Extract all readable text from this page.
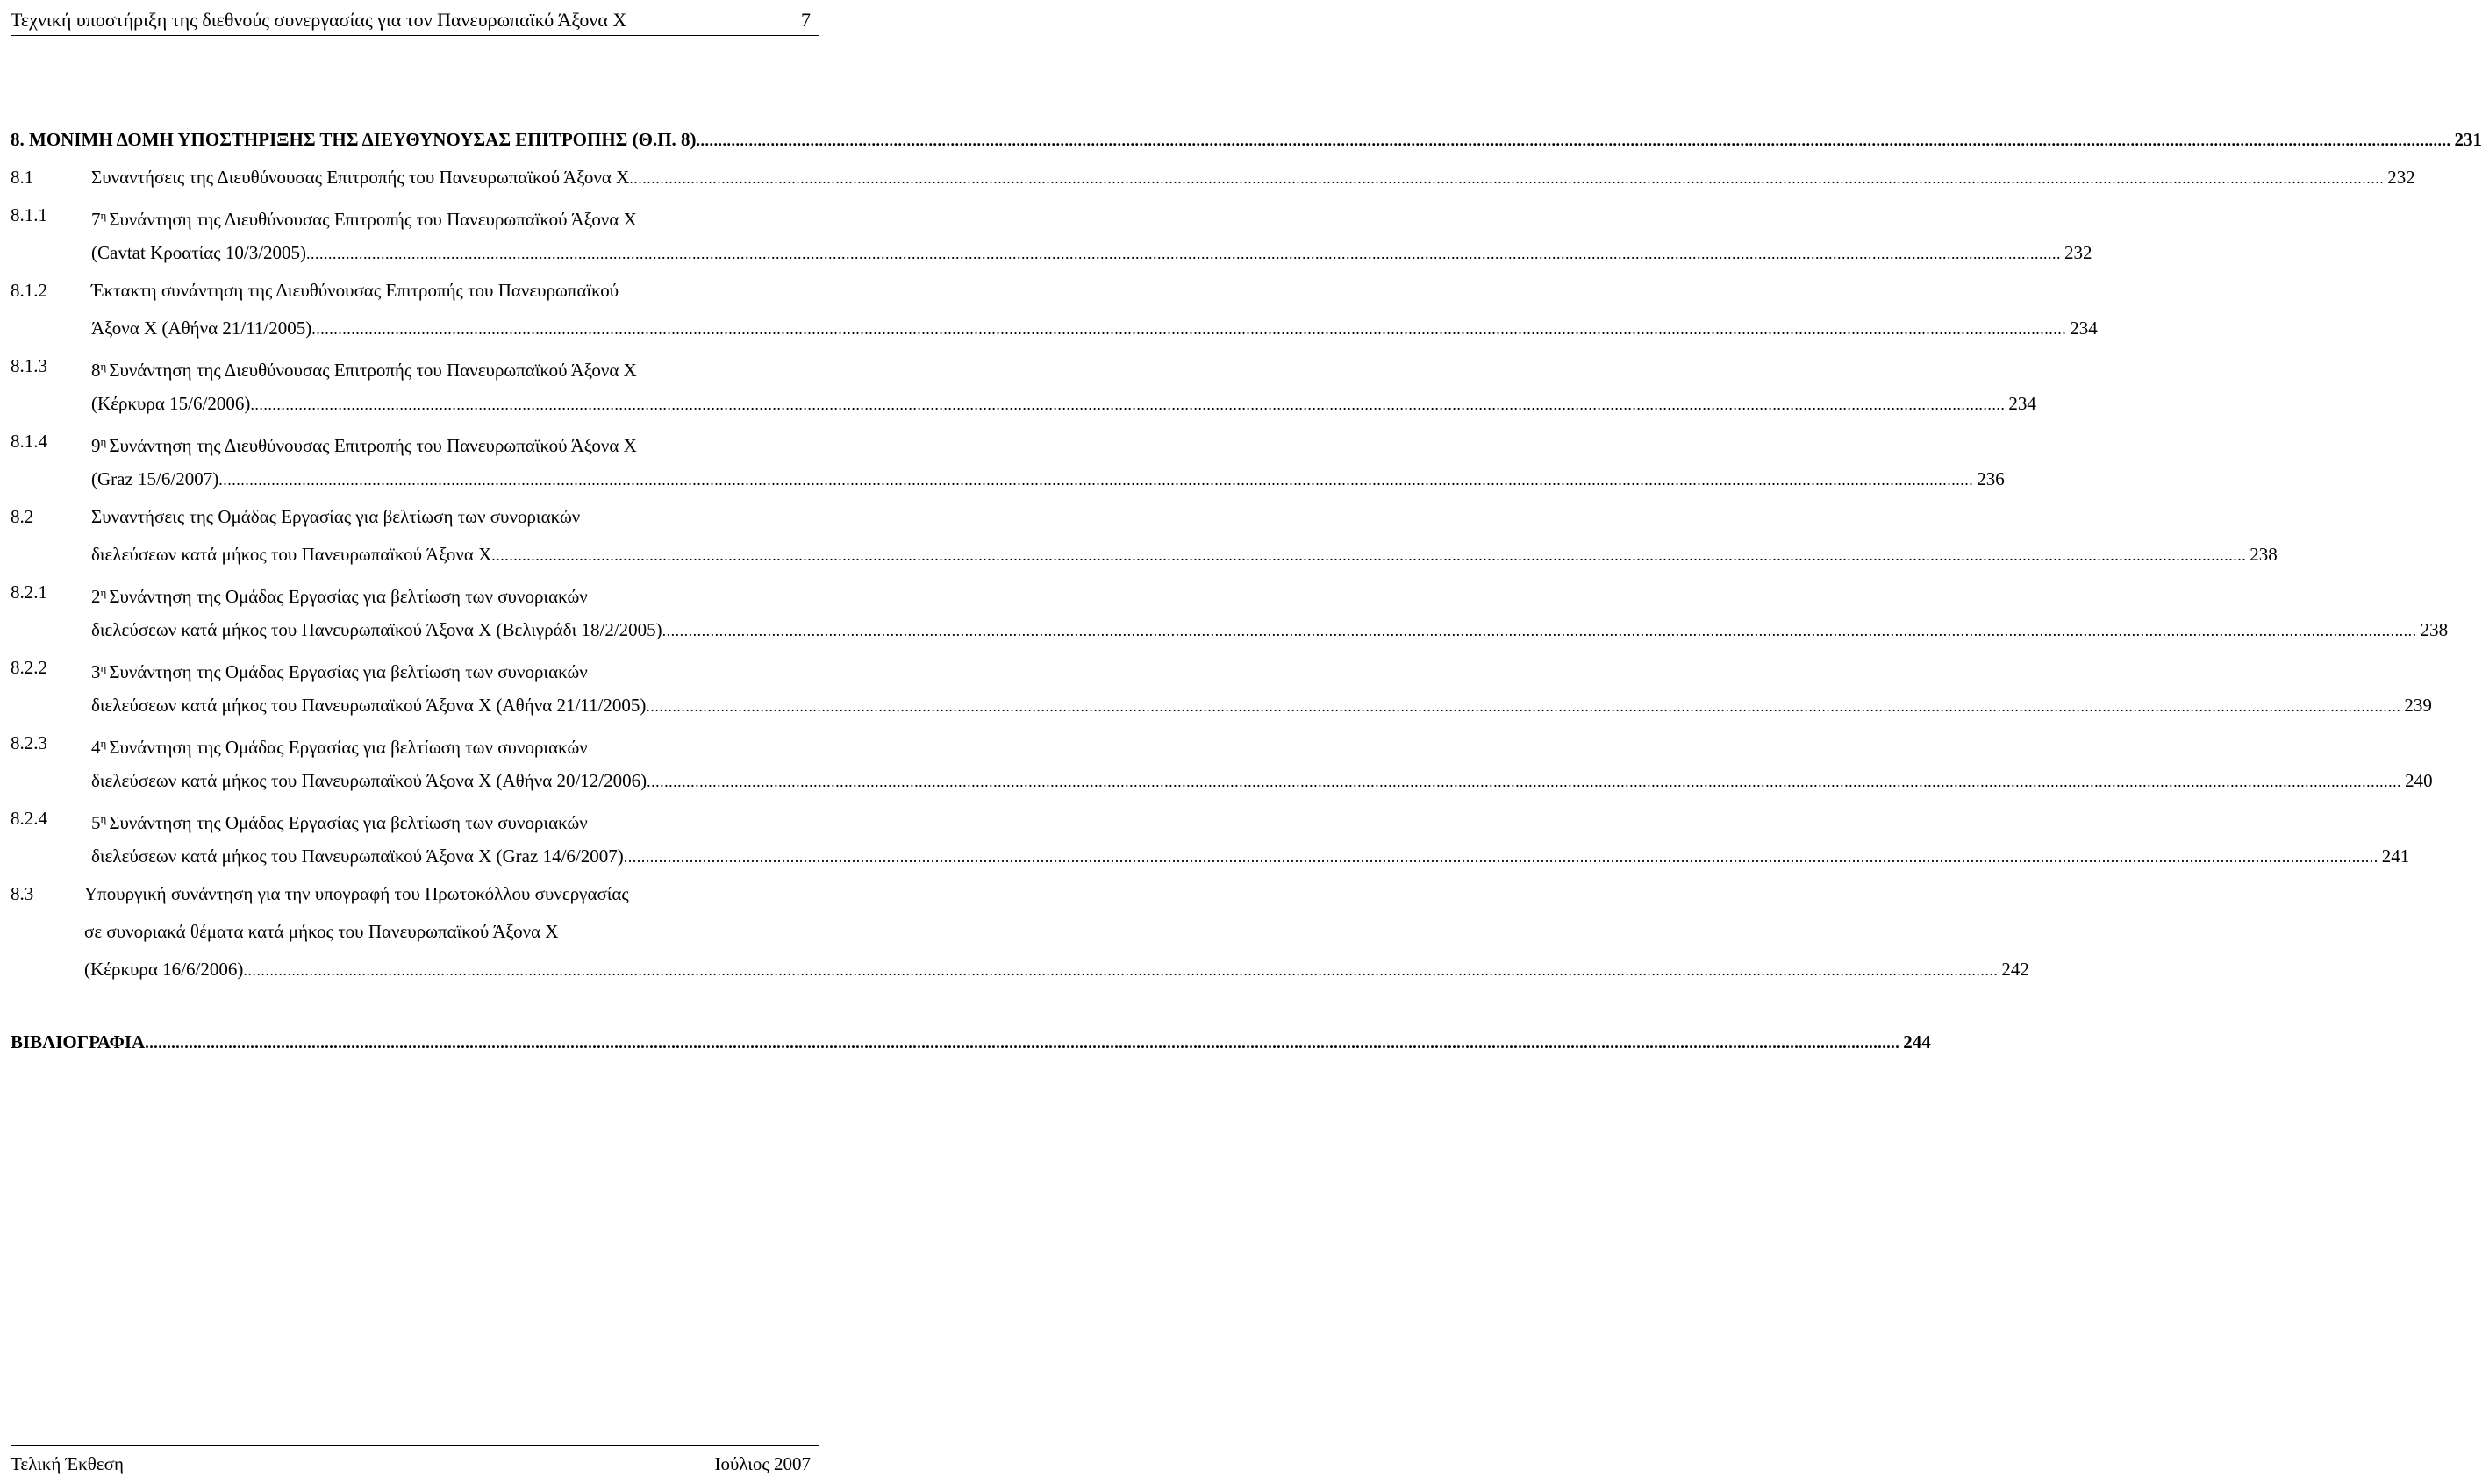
Τεχνική υποστήριξη της διεθνούς συνεργασίας για τον Πανευρωπαϊκό Άξονα Χ	7
8. ΜΟΝΙΜΗ ΔΟΜΗ ΥΠΟΣΤΗΡΙΞΗΣ ΤΗΣ ΔΙΕΥΘΥΝΟΥΣΑΣ ΕΠΙΤΡΟΠΗΣ (Θ.Π. 8) ................................................................................................................................................................................................................................................................................................................................................................................................................ 231
8.1	Συναντήσεις της Διευθύνουσας Επιτροπής του Πανευρωπαϊκού Άξονα Χ ................................................................................................................................................................................................................................................................................................................................................................................................................ 232
8.1.1 $7^\eta$ Συνάντηση της Διευθύνουσας Επιτροπής του Πανευρωπαϊκού Άξονα Χ
(Cavtat Κροατίας 10/3/2005) ................................................................................................................................................................................................................................................................................................................................................................................................................ 232
8.1.2 Έκτακτη συνάντηση της Διευθύνουσας Επιτροπής του Πανευρωπαϊκού
Άξονα Χ (Αθήνα 21/11/2005) ................................................................................................................................................................................................................................................................................................................................................................................................................ 234
8.1.3 $8^\eta$ Συνάντηση της Διευθύνουσας Επιτροπής του Πανευρωπαϊκού Άξονα Χ
(Κέρκυρα 15/6/2006) ................................................................................................................................................................................................................................................................................................................................................................................................................ 234
8.1.4 $9^\eta$ Συνάντηση της Διευθύνουσας Επιτροπής του Πανευρωπαϊκού Άξονα Χ
(Graz 15/6/2007) ................................................................................................................................................................................................................................................................................................................................................................................................................ 236
8.2	Συναντήσεις της Ομάδας Εργασίας για βελτίωση των συνοριακών
διελεύσεων κατά μήκος του Πανευρωπαϊκού Άξονα Χ ................................................................................................................................................................................................................................................................................................................................................................................................................ 238
8.2.1 $2^\eta$ Συνάντηση της Ομάδας Εργασίας για βελτίωση των συνοριακών
διελεύσεων κατά μήκος του Πανευρωπαϊκού Άξονα Χ (Βελιγράδι 18/2/2005) ................................................................................................................................................................................................................................................................................................................................................................................................................ 238
8.2.2 $3^\eta$ Συνάντηση της Ομάδας Εργασίας για βελτίωση των συνοριακών
διελεύσεων κατά μήκος του Πανευρωπαϊκού Άξονα Χ (Αθήνα 21/11/2005) ................................................................................................................................................................................................................................................................................................................................................................................................................ 239
8.2.3 $4^\eta$ Συνάντηση της Ομάδας Εργασίας για βελτίωση των συνοριακών
διελεύσεων κατά μήκος του Πανευρωπαϊκού Άξονα Χ (Αθήνα 20/12/2006) ................................................................................................................................................................................................................................................................................................................................................................................................................ 240
8.2.4 $5^\eta$ Συνάντηση της Ομάδας Εργασίας για βελτίωση των συνοριακών
διελεύσεων κατά μήκος του Πανευρωπαϊκού Άξονα Χ (Graz 14/6/2007) ................................................................................................................................................................................................................................................................................................................................................................................................................ 241
8.3	Υπουργική συνάντηση για την υπογραφή του Πρωτοκόλλου συνεργασίας
σε συνοριακά θέματα κατά μήκος του Πανευρωπαϊκού Άξονα Χ
(Κέρκυρα 16/6/2006) ................................................................................................................................................................................................................................................................................................................................................................................................................ 242
ΒΙΒΛΙΟΓΡΑΦΙΑ ................................................................................................................................................................................................................................................................................................................................................................................................................ 244
Τελική Έκθεση	Ιούλιος 2007
